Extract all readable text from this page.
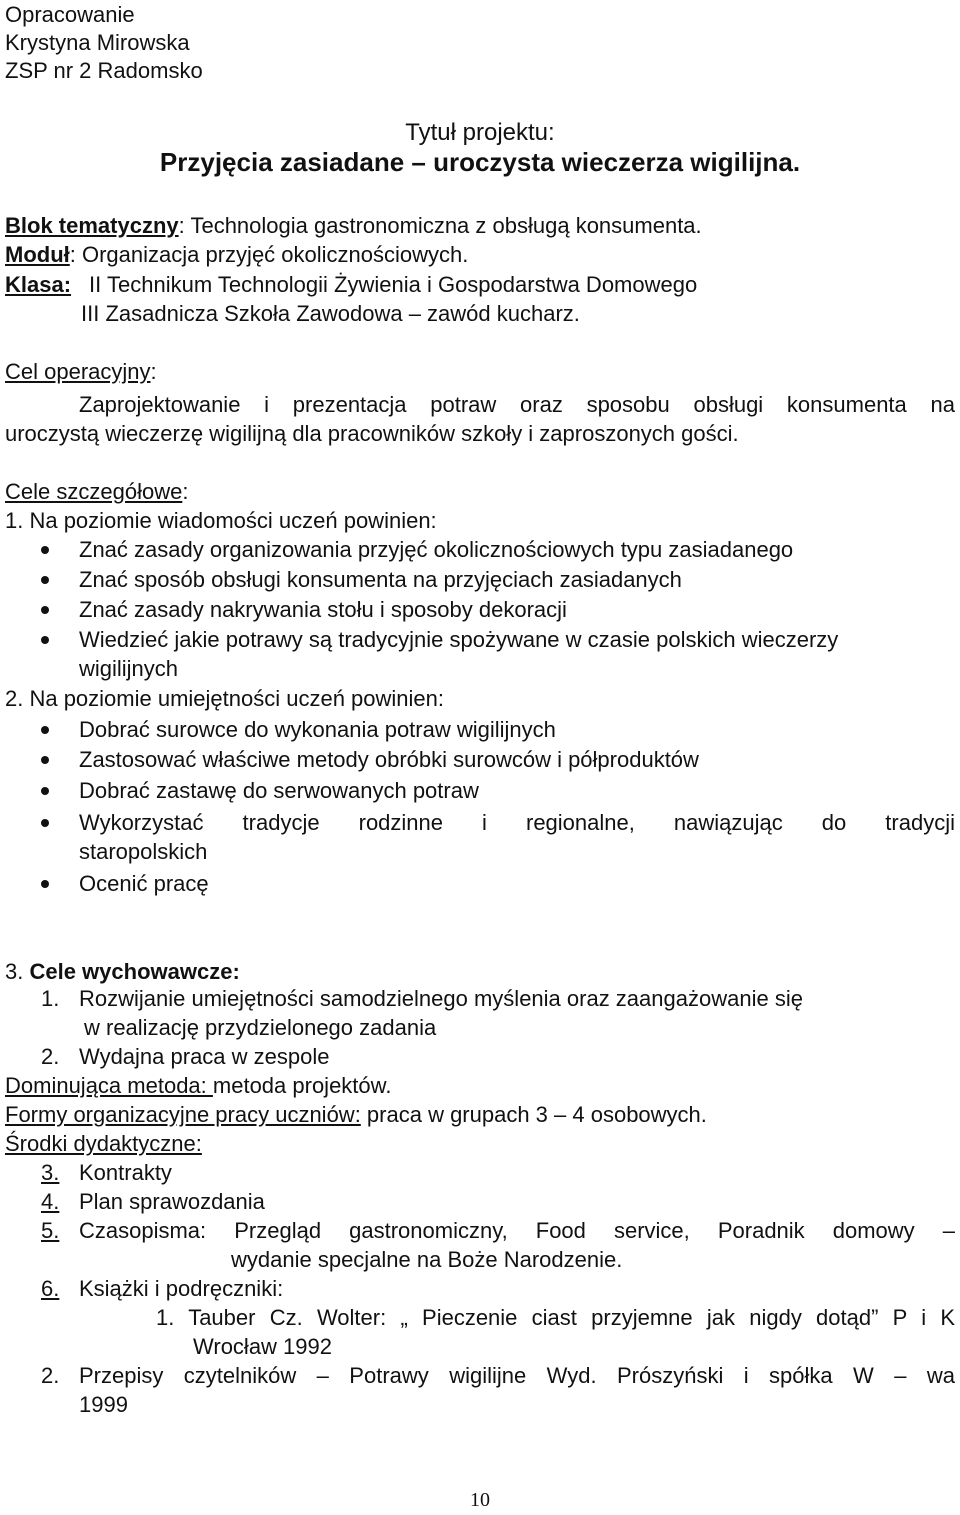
Opracowanie
Krystyna Mirowska
ZSP nr 2 Radomsko
Tytuł projektu:
Przyjęcia zasiadane – uroczysta wieczerza wigilijna.
Blok tematyczny: Technologia gastronomiczna z obsługą konsumenta.
Moduł: Organizacja przyjęć okolicznościowych.
Klasa: II Technikum Technologii Żywienia i Gospodarstwa Domowego
III Zasadnicza Szkoła Zawodowa – zawód kucharz.
Cel operacyjny:
Zaprojektowanie i prezentacja potraw oraz sposobu obsługi konsumenta na
uroczystą wieczerzę wigilijną dla pracowników szkoły i zaproszonych gości.
Cele szczegółowe:
1. Na poziomie wiadomości uczeń powinien:
Znać zasady organizowania przyjęć okolicznościowych typu zasiadanego
Znać sposób obsługi konsumenta na przyjęciach zasiadanych
Znać zasady nakrywania stołu i sposoby dekoracji
Wiedzieć jakie potrawy są tradycyjnie spożywane w czasie polskich wieczerzy
wigilijnych
2. Na poziomie umiejętności uczeń powinien:
Dobrać surowce do wykonania potraw wigilijnych
Zastosować właściwe metody obróbki surowców i półproduktów
Dobrać zastawę do serwowanych potraw
Wykorzystać tradycje rodzinne i regionalne, nawiązując do tradycji
staropolskich
Ocenić pracę
3. Cele wychowawcze:
1. Rozwijanie umiejętności samodzielnego myślenia oraz zaangażowanie się
w realizację przydzielonego zadania
2. Wydajna praca w zespole
Dominująca metoda: metoda projektów.
Formy organizacyjne pracy uczniów: praca w grupach 3 – 4 osobowych.
Środki dydaktyczne:
3. Kontrakty
4. Plan sprawozdania
5. Czasopisma: Przegląd gastronomiczny, Food service, Poradnik domowy –
wydanie specjalne na Boże Narodzenie.
6. Książki i podręczniki:
1. Tauber Cz. Wolter: „ Pieczenie ciast przyjemne jak nigdy dotąd” P i K
Wrocław 1992
2. Przepisy czytelników – Potrawy wigilijne Wyd. Prószyński i spółka W – wa
1999
10
